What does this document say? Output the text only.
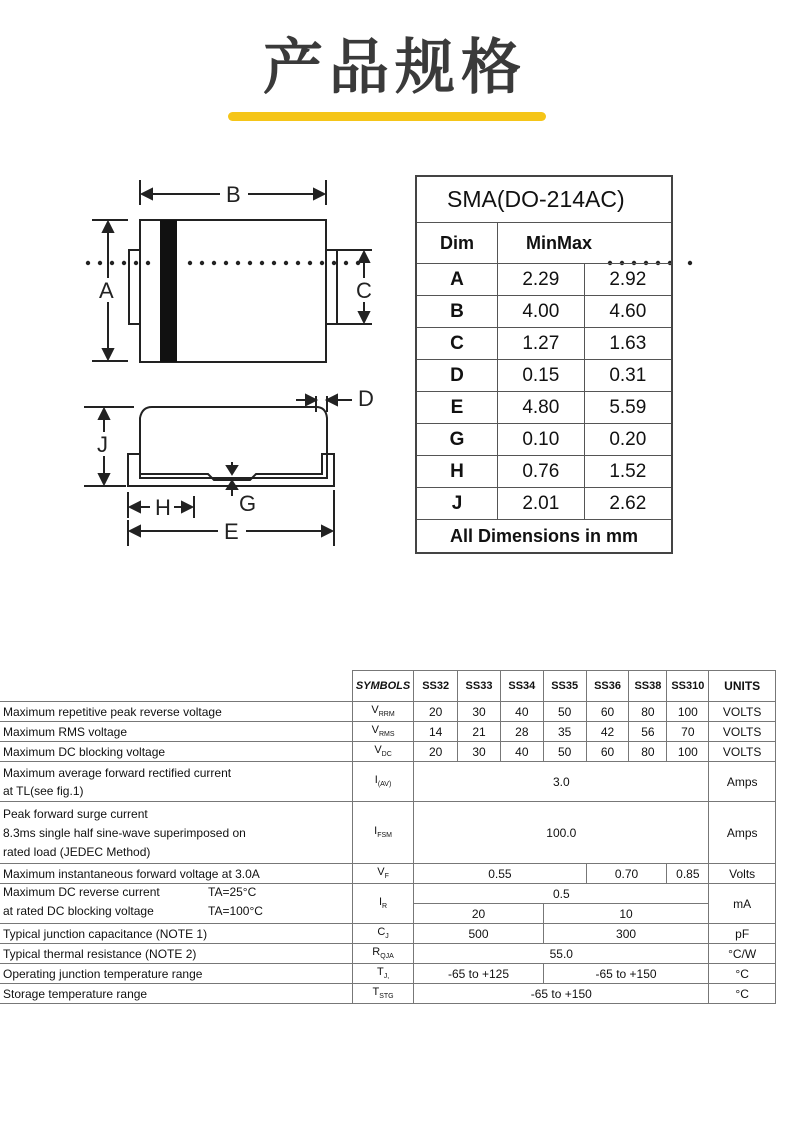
产品规格
B
A	C
D
J
G
H
E
SMA(DO-214AC)		
Dim	MinMax	
A	2.29	2.92
B	4.00	4.60
C	1.27	1.63
D	0.15	0.31
E	4.80	5.59
G	0.10	0.20
H	0.76	1.52
J	2.01	2.62
All Dimensions in mm		
	SYMBOLS	SS32	SS33	SS34	SS35	SS36	SS38	SS310	UNITS
Maximum repetitive peak reverse voltage	$V_{RRM}$	20	30	40	50	60	80	100	VOLTS
Maximum RMS voltage	$V_{RMS}$	14	21	28	35	42	56	70	VOLTS
Maximum DC blocking voltage	$V_{DC}$	20	30	40	50	60	80	100	VOLTS

Maximum average forward rectified current
at TL(see fig.1)	$I_{(AV)}$	3.0							Amps

Peak forward surge current
8.3ms single half sine-wave superimposed on
rated load (JEDEC Method)	$I_{FSM}$	100.0							Amps
Maximum instantaneous forward voltage at 3.0A	$V_F$	0.55				0.70		0.85	Volts

Maximum DC reverse current TA=25°C
at rated DC blocking voltage TA=100°C	$I_R$	0.5							mA
		20			10				
Typical junction capacitance (NOTE 1)	$C_J$	500			300				pF
Typical thermal resistance (NOTE 2)	$R_{QJA}$	55.0							°C/W
Operating junction temperature range	$T_{J,}$	-65 to +125			-65 to +150				°C
Storage temperature range	$T_{STG}$	-65 to +150							°C
